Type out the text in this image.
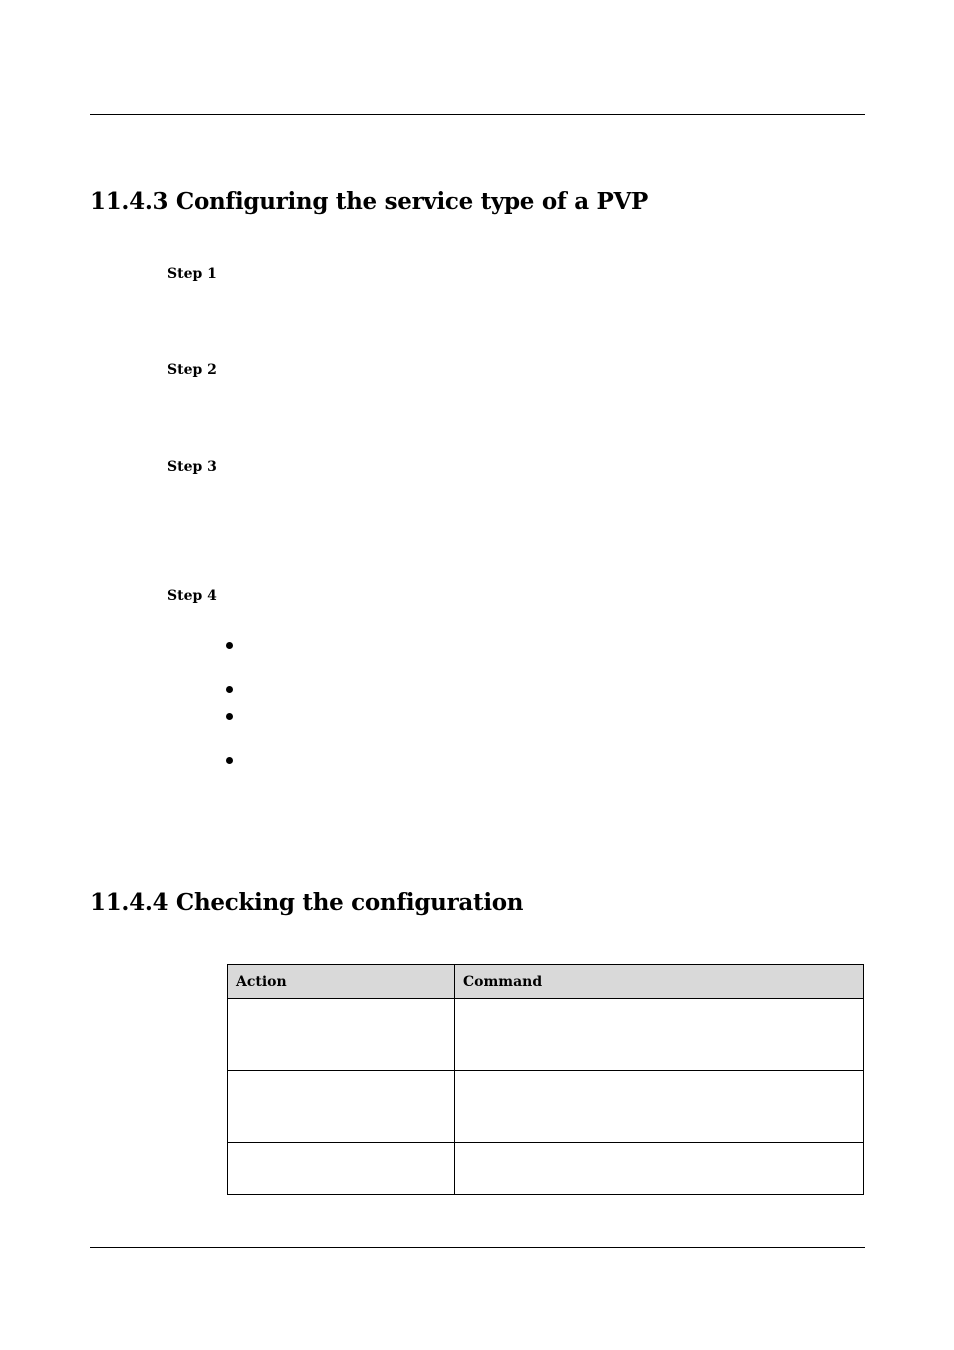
11.4.3 Configuring the service type of a PVP
Step 1
Step 2
Step 3
Step 4
11.4.4 Checking the configuration
Action	Command
